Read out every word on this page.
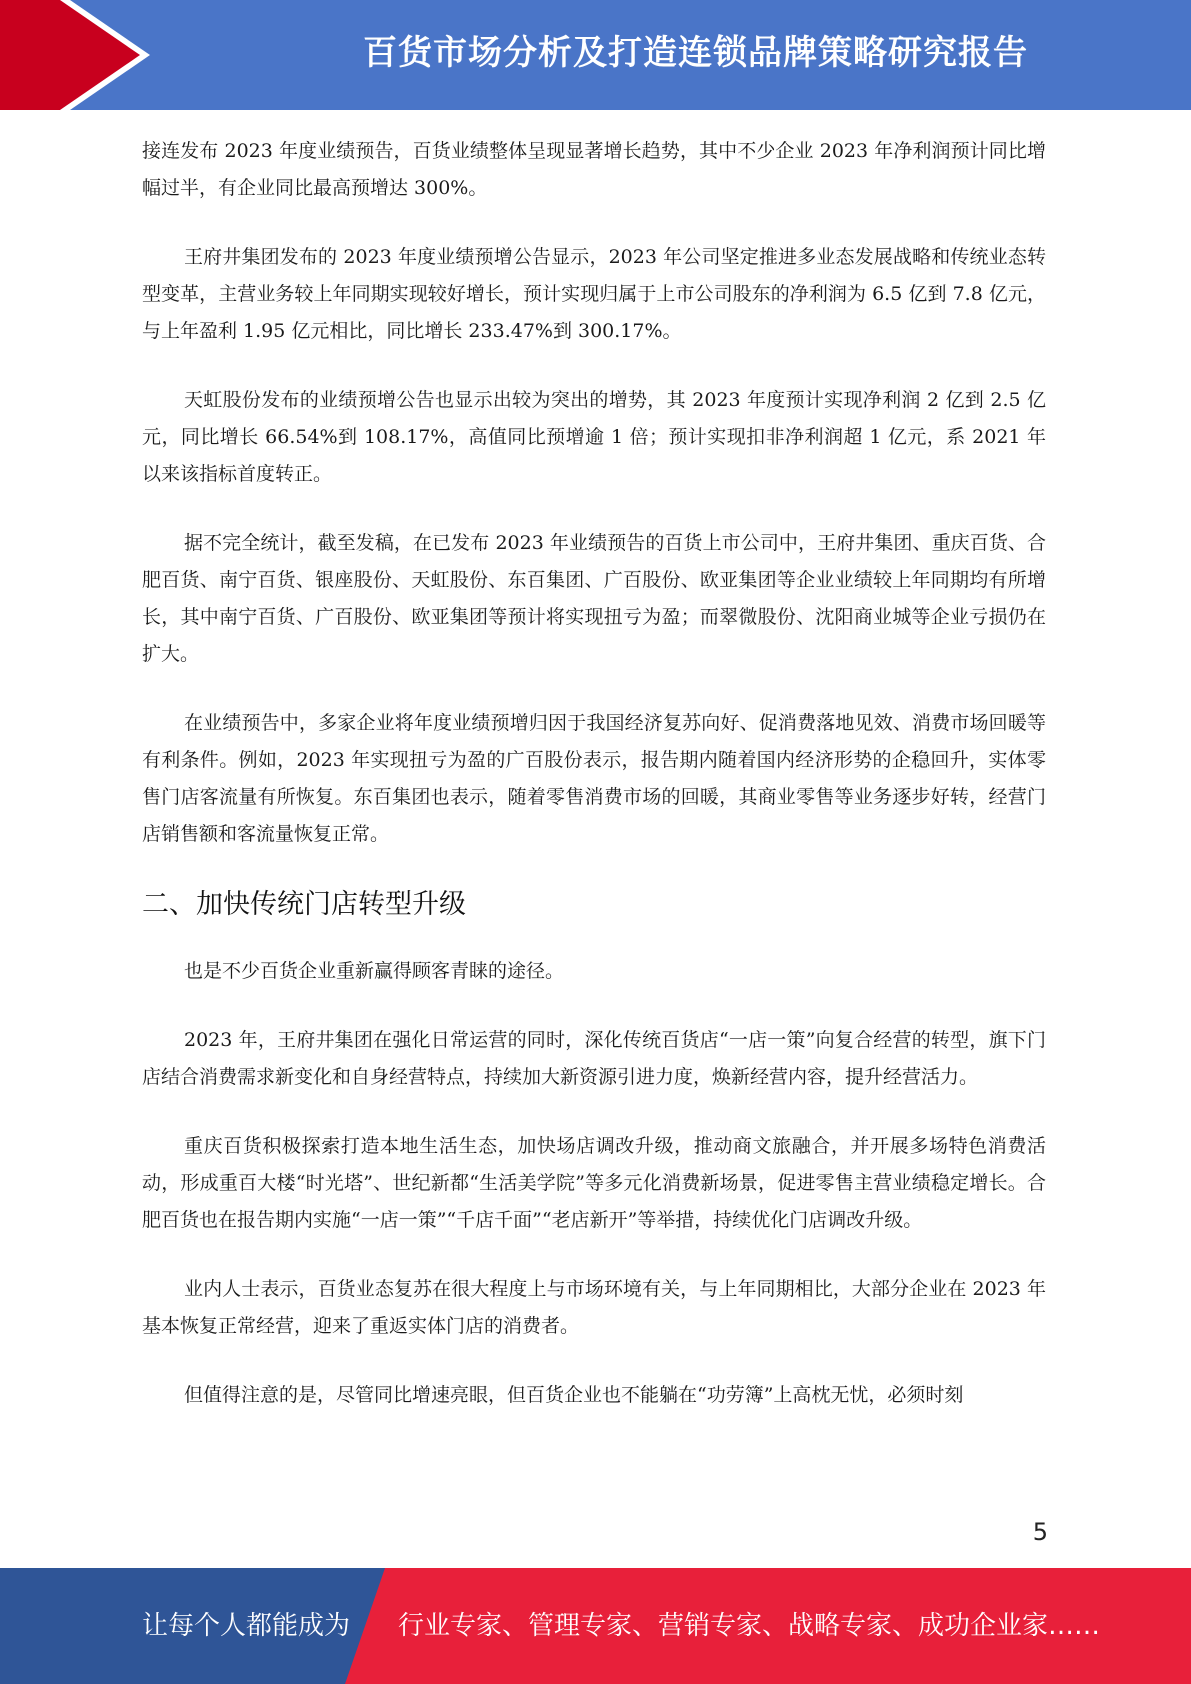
百货市场分析及打造连锁品牌策略研究报告

接连发布 2023 年度业绩预告，百货业绩整体呈现显著增长趋势，其中不少企业 2023 年净利润预计同比增幅过半，有企业同比最高预增达 300%。

王府井集团发布的 2023 年度业绩预增公告显示，2023 年公司坚定推进多业态发展战略和传统业态转型变革，主营业务较上年同期实现较好增长，预计实现归属于上市公司股东的净利润为 6.5 亿到 7.8 亿元，与上年盈利 1.95 亿元相比，同比增长 233.47%到 300.17%。

天虹股份发布的业绩预增公告也显示出较为突出的增势，其 2023 年度预计实现净利润 2 亿到 2.5 亿元，同比增长 66.54%到 108.17%，高值同比预增逾 1 倍；预计实现扣非净利润超 1 亿元，系 2021 年以来该指标首度转正。

据不完全统计，截至发稿，在已发布 2023 年业绩预告的百货上市公司中，王府井集团、重庆百货、合肥百货、南宁百货、银座股份、天虹股份、东百集团、广百股份、欧亚集团等企业业绩较上年同期均有所增长，其中南宁百货、广百股份、欧亚集团等预计将实现扭亏为盈；而翠微股份、沈阳商业城等企业亏损仍在扩大。

在业绩预告中，多家企业将年度业绩预增归因于我国经济复苏向好、促消费落地见效、消费市场回暖等有利条件。例如，2023 年实现扭亏为盈的广百股份表示，报告期内随着国内经济形势的企稳回升，实体零售门店客流量有所恢复。东百集团也表示，随着零售消费市场的回暖，其商业零售等业务逐步好转，经营门店销售额和客流量恢复正常。

二、加快传统门店转型升级

也是不少百货企业重新赢得顾客青睐的途径。

2023 年，王府井集团在强化日常运营的同时，深化传统百货店“一店一策”向复合经营的转型，旗下门店结合消费需求新变化和自身经营特点，持续加大新资源引进力度，焕新经营内容，提升经营活力。

重庆百货积极探索打造本地生活生态，加快场店调改升级，推动商文旅融合，并开展多场特色消费活动，形成重百大楼“时光塔”、世纪新都“生活美学院”等多元化消费新场景，促进零售主营业绩稳定增长。合肥百货也在报告期内实施“一店一策”“千店千面”“老店新开”等举措，持续优化门店调改升级。

业内人士表示，百货业态复苏在很大程度上与市场环境有关，与上年同期相比，大部分企业在 2023 年基本恢复正常经营，迎来了重返实体门店的消费者。

但值得注意的是，尽管同比增速亮眼，但百货企业也不能躺在“功劳簿”上高枕无忧，必须时刻

5
让每个人都能成为 行业专家、管理专家、营销专家、战略专家、成功企业家……
